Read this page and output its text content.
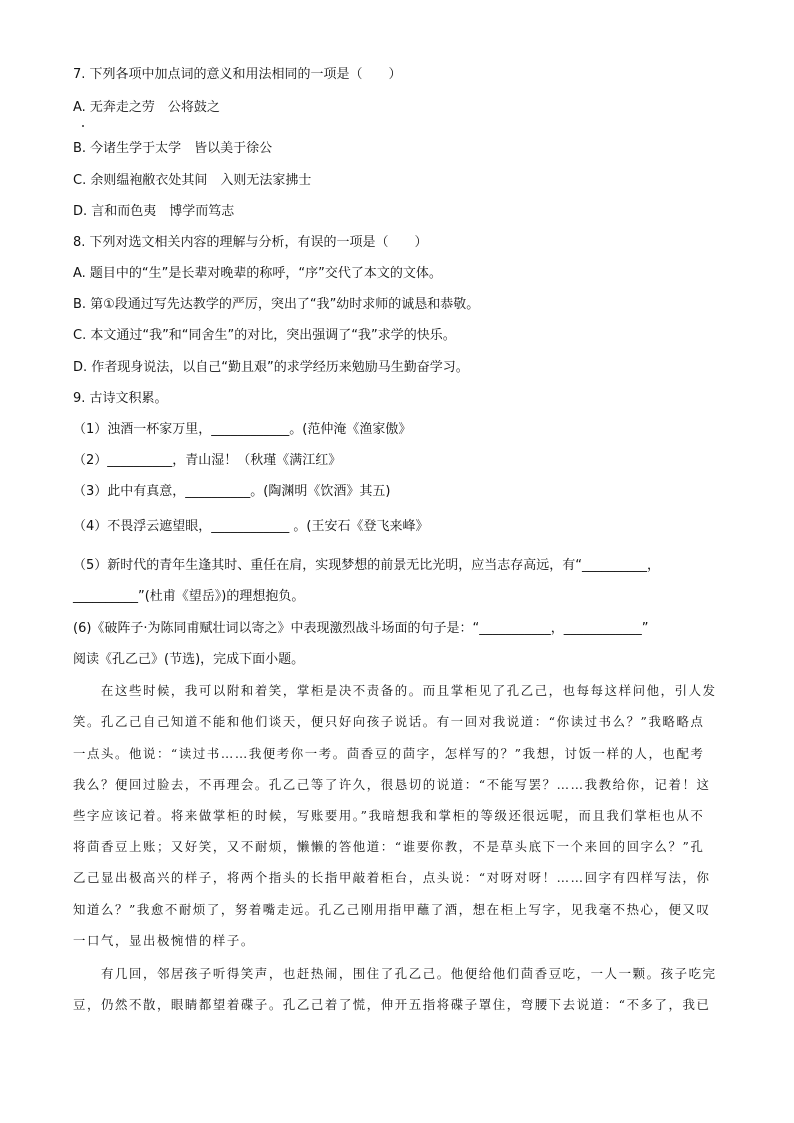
7. 下列各项中加点词的意义和用法相同的一项是（　　）
A. 无奔走之劳　公将鼓之
B. 今诸生学于太学　皆以美于徐公
C. 余则缊袍敝衣处其间　入则无法家拂士
D. 言和而色夷　博学而笃志
8. 下列对选文相关内容的理解与分析，有误的一项是（　　）
A. 题目中的“生”是长辈对晚辈的称呼，“序”交代了本文的文体。
B. 第①段通过写先达教学的严厉，突出了“我”幼时求师的诚恳和恭敬。
C. 本文通过“我”和“同舍生”的对比，突出强调了“我”求学的快乐。
D. 作者现身说法，以自己“勤且艰”的求学经历来勉励马生勤奋学习。
9. 古诗文积累。
（1）浊酒一杯家万里，____________。(范仲淹《渔家傲》
（2）__________，青山湿！（秋瑾《满江红》
（3）此中有真意，__________。(陶渊明《饮酒》其五)
（4）不畏浮云遮望眼，____________ 。(王安石《登飞来峰》
（5）新时代的青年生逢其时、重任在肩，实现梦想的前景无比光明，应当志存高远，有“__________，
__________”(杜甫《望岳》)的理想抱负。
(6)《破阵子·为陈同甫赋壮词以寄之》中表现激烈战斗场面的句子是：“___________，____________”
阅读《孔乙己》(节选)，完成下面小题。
　　在这些时候，我可以附和着笑，掌柜是决不责备的。而且掌柜见了孔乙己，也每每这样问他，引人发
笑。孔乙己自己知道不能和他们谈天，便只好向孩子说话。有一回对我说道：“你读过书么？”我略略点
一点头。他说：“读过书……我便考你一考。茴香豆的茴字，怎样写的？”我想，讨饭一样的人，也配考
我么？便回过脸去，不再理会。孔乙己等了许久，很恳切的说道：“不能写罢？……我教给你，记着！这
些字应该记着。将来做掌柜的时候，写账要用。”我暗想我和掌柜的等级还很远呢，而且我们掌柜也从不
将茴香豆上账；又好笑，又不耐烦，懒懒的答他道：“谁要你教，不是草头底下一个来回的回字么？”孔
乙己显出极高兴的样子，将两个指头的长指甲敲着柜台，点头说：“对呀对呀！……回字有四样写法，你
知道么？”我愈不耐烦了，努着嘴走远。孔乙己刚用指甲蘸了酒，想在柜上写字，见我毫不热心，便又叹
一口气，显出极惋惜的样子。
　　有几回，邻居孩子听得笑声，也赶热闹，围住了孔乙己。他便给他们茴香豆吃，一人一颗。孩子吃完
豆，仍然不散，眼睛都望着碟子。孔乙己着了慌，伸开五指将碟子罩住，弯腰下去说道：“不多了，我已
